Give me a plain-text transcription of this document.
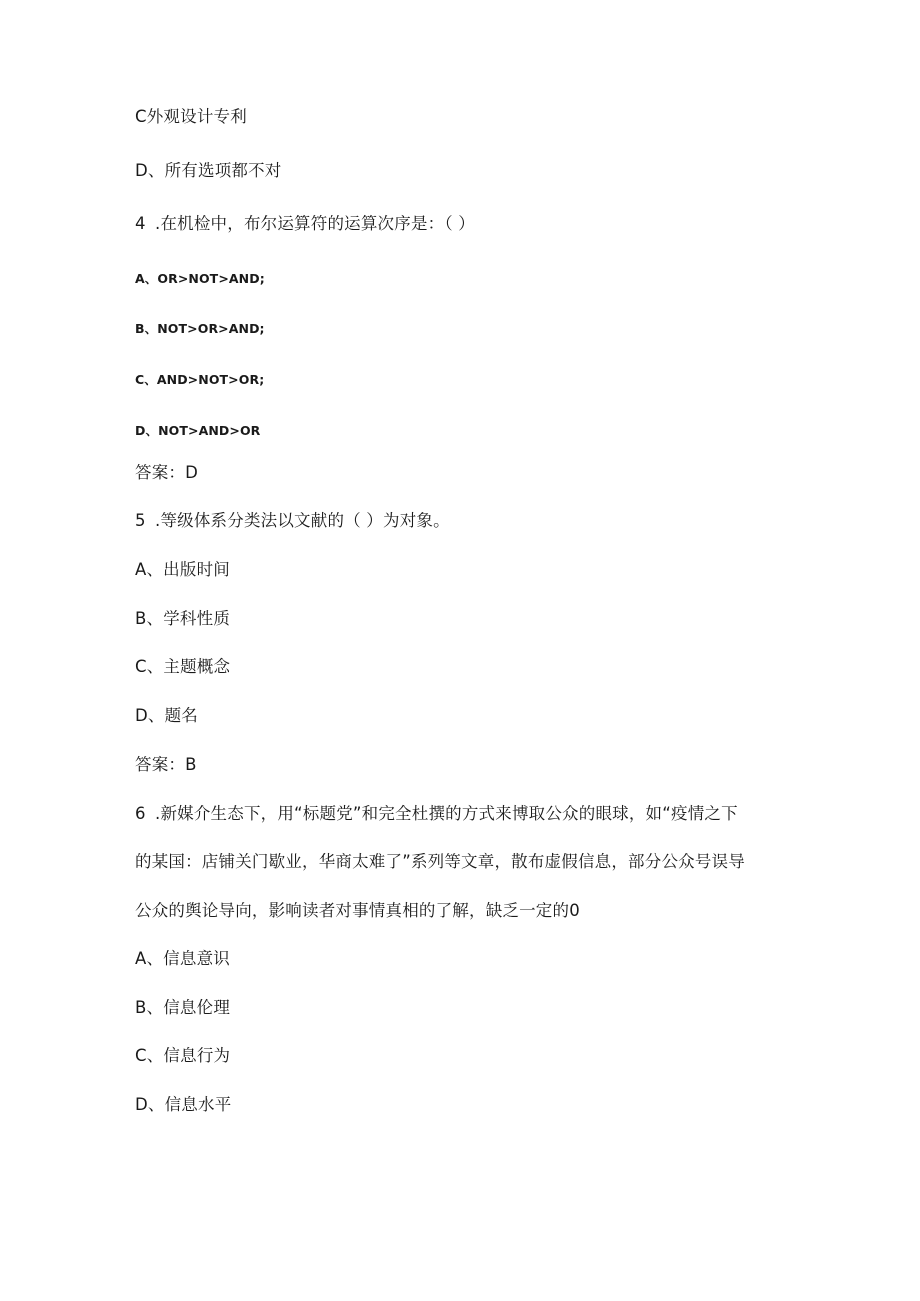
C外观设计专利
D、所有选项都不对
4 .在机检中，布尔运算符的运算次序是：（ ）
A、OR>NOT>AND;
B、NOT>OR>AND;
C、AND>NOT>OR;
D、NOT>AND>OR
答案：D
5 .等级体系分类法以文献的（ ）为对象。
A、出版时间
B、学科性质
C、主题概念
D、题名
答案：B
6 .新媒介生态下，用“标题党”和完全杜撰的方式来博取公众的眼球，如“疫情之下
的某国：店铺关门歇业，华商太难了”系列等文章，散布虚假信息，部分公众号误导
公众的舆论导向，影响读者对事情真相的了解，缺乏一定的0
A、信息意识
B、信息伦理
C、信息行为
D、信息水平
